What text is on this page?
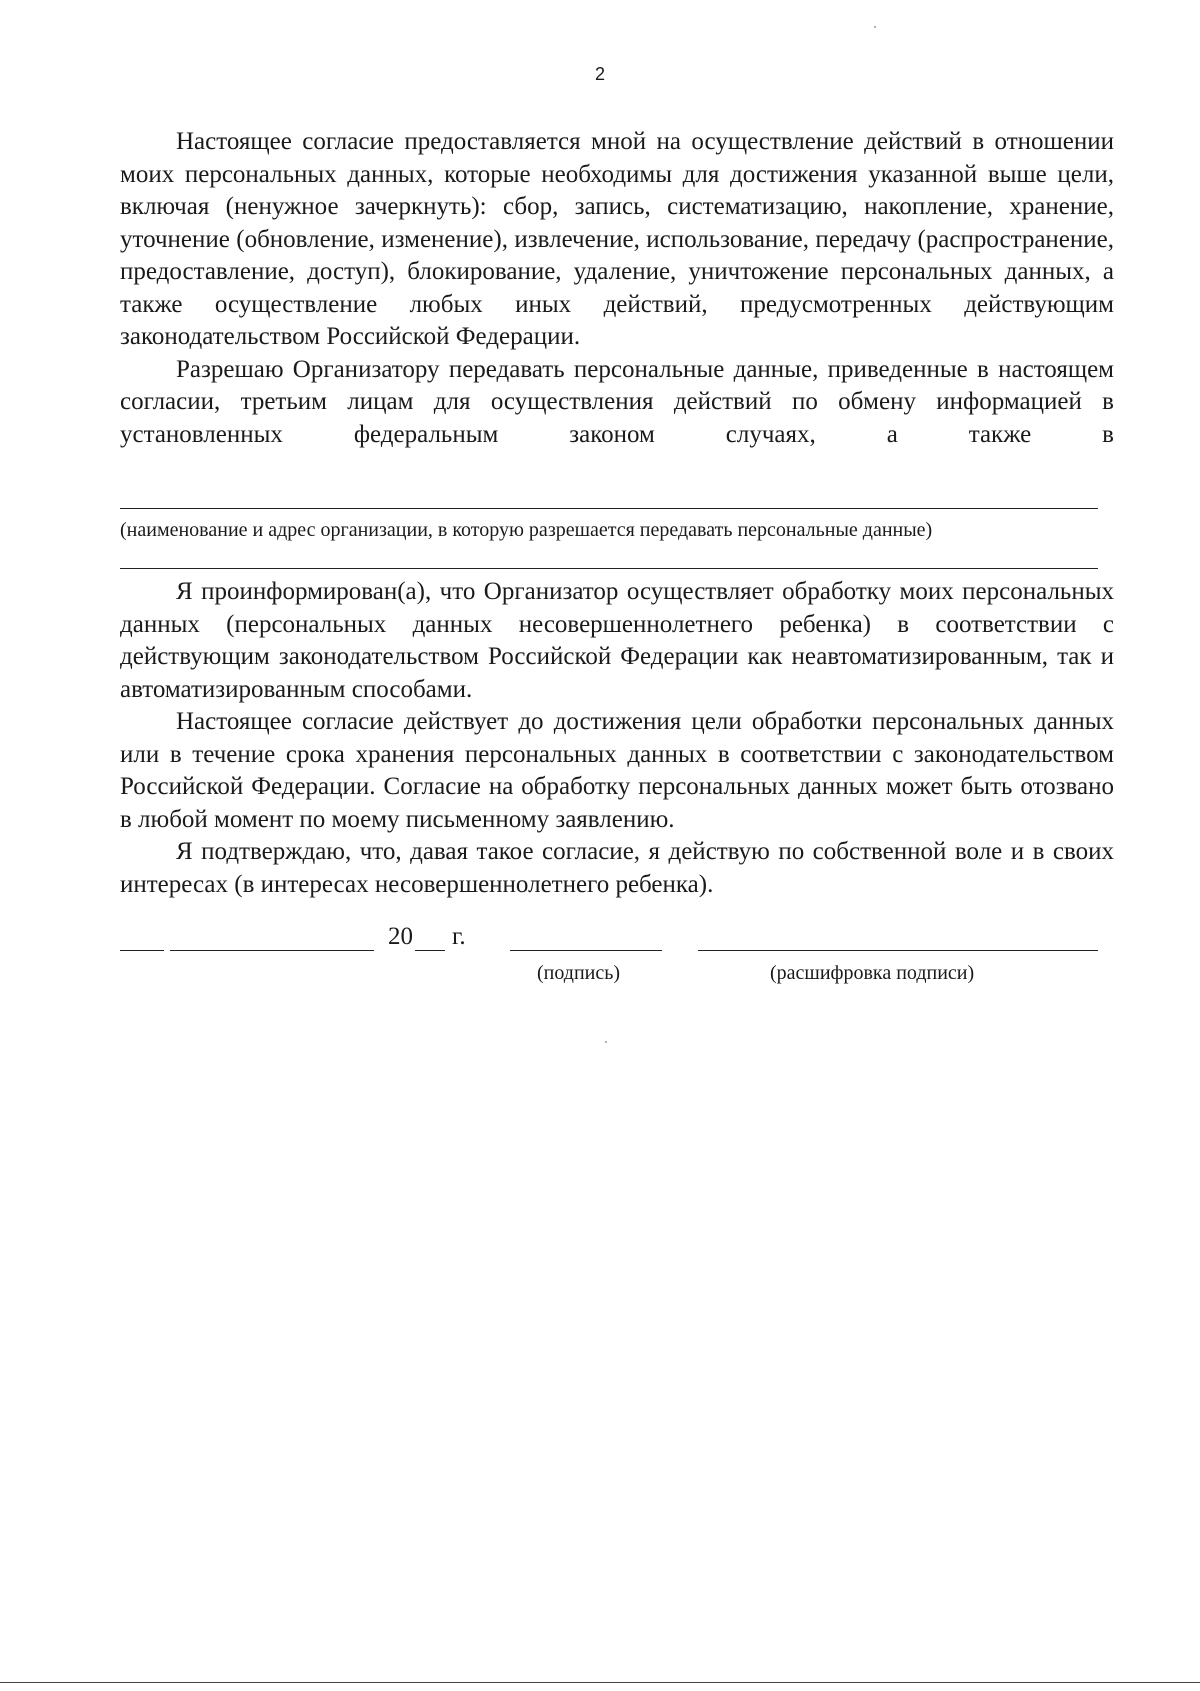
2

Настоящее согласие предоставляется мной на осуществление действий в отношении моих персональных данных, которые необходимы для достижения указанной выше цели, включая (ненужное зачеркнуть): сбор, запись, систематизацию, накопление, хранение, уточнение (обновление, изменение), извлечение, использование, передачу (распространение, предоставление, доступ), блокирование, удаление, уничтожение персональных данных, а также осуществление любых иных действий, предусмотренных действующим законодательством Российской Федерации.

Разрешаю Организатору передавать персональные данные, приведенные в настоящем согласии, третьим лицам для осуществления действий по обмену информацией в установленных федеральным законом случаях, а также в

(наименование и адрес организации, в которую разрешается передавать персональные данные)

Я проинформирован(а), что Организатор осуществляет обработку моих персональных данных (персональных данных несовершеннолетнего ребенка) в соответствии с действующим законодательством Российской Федерации как неавтоматизированным, так и автоматизированным способами.

Настоящее согласие действует до достижения цели обработки персональных данных или в течение срока хранения персональных данных в соответствии с законодательством Российской Федерации. Согласие на обработку персональных данных может быть отозвано в любой момент по моему письменному заявлению.

Я подтверждаю, что, давая такое согласие, я действую по собственной воле и в своих интересах (в интересах несовершеннолетнего ребенка).

20 г.
(подпись)	(расшифровка подписи)
